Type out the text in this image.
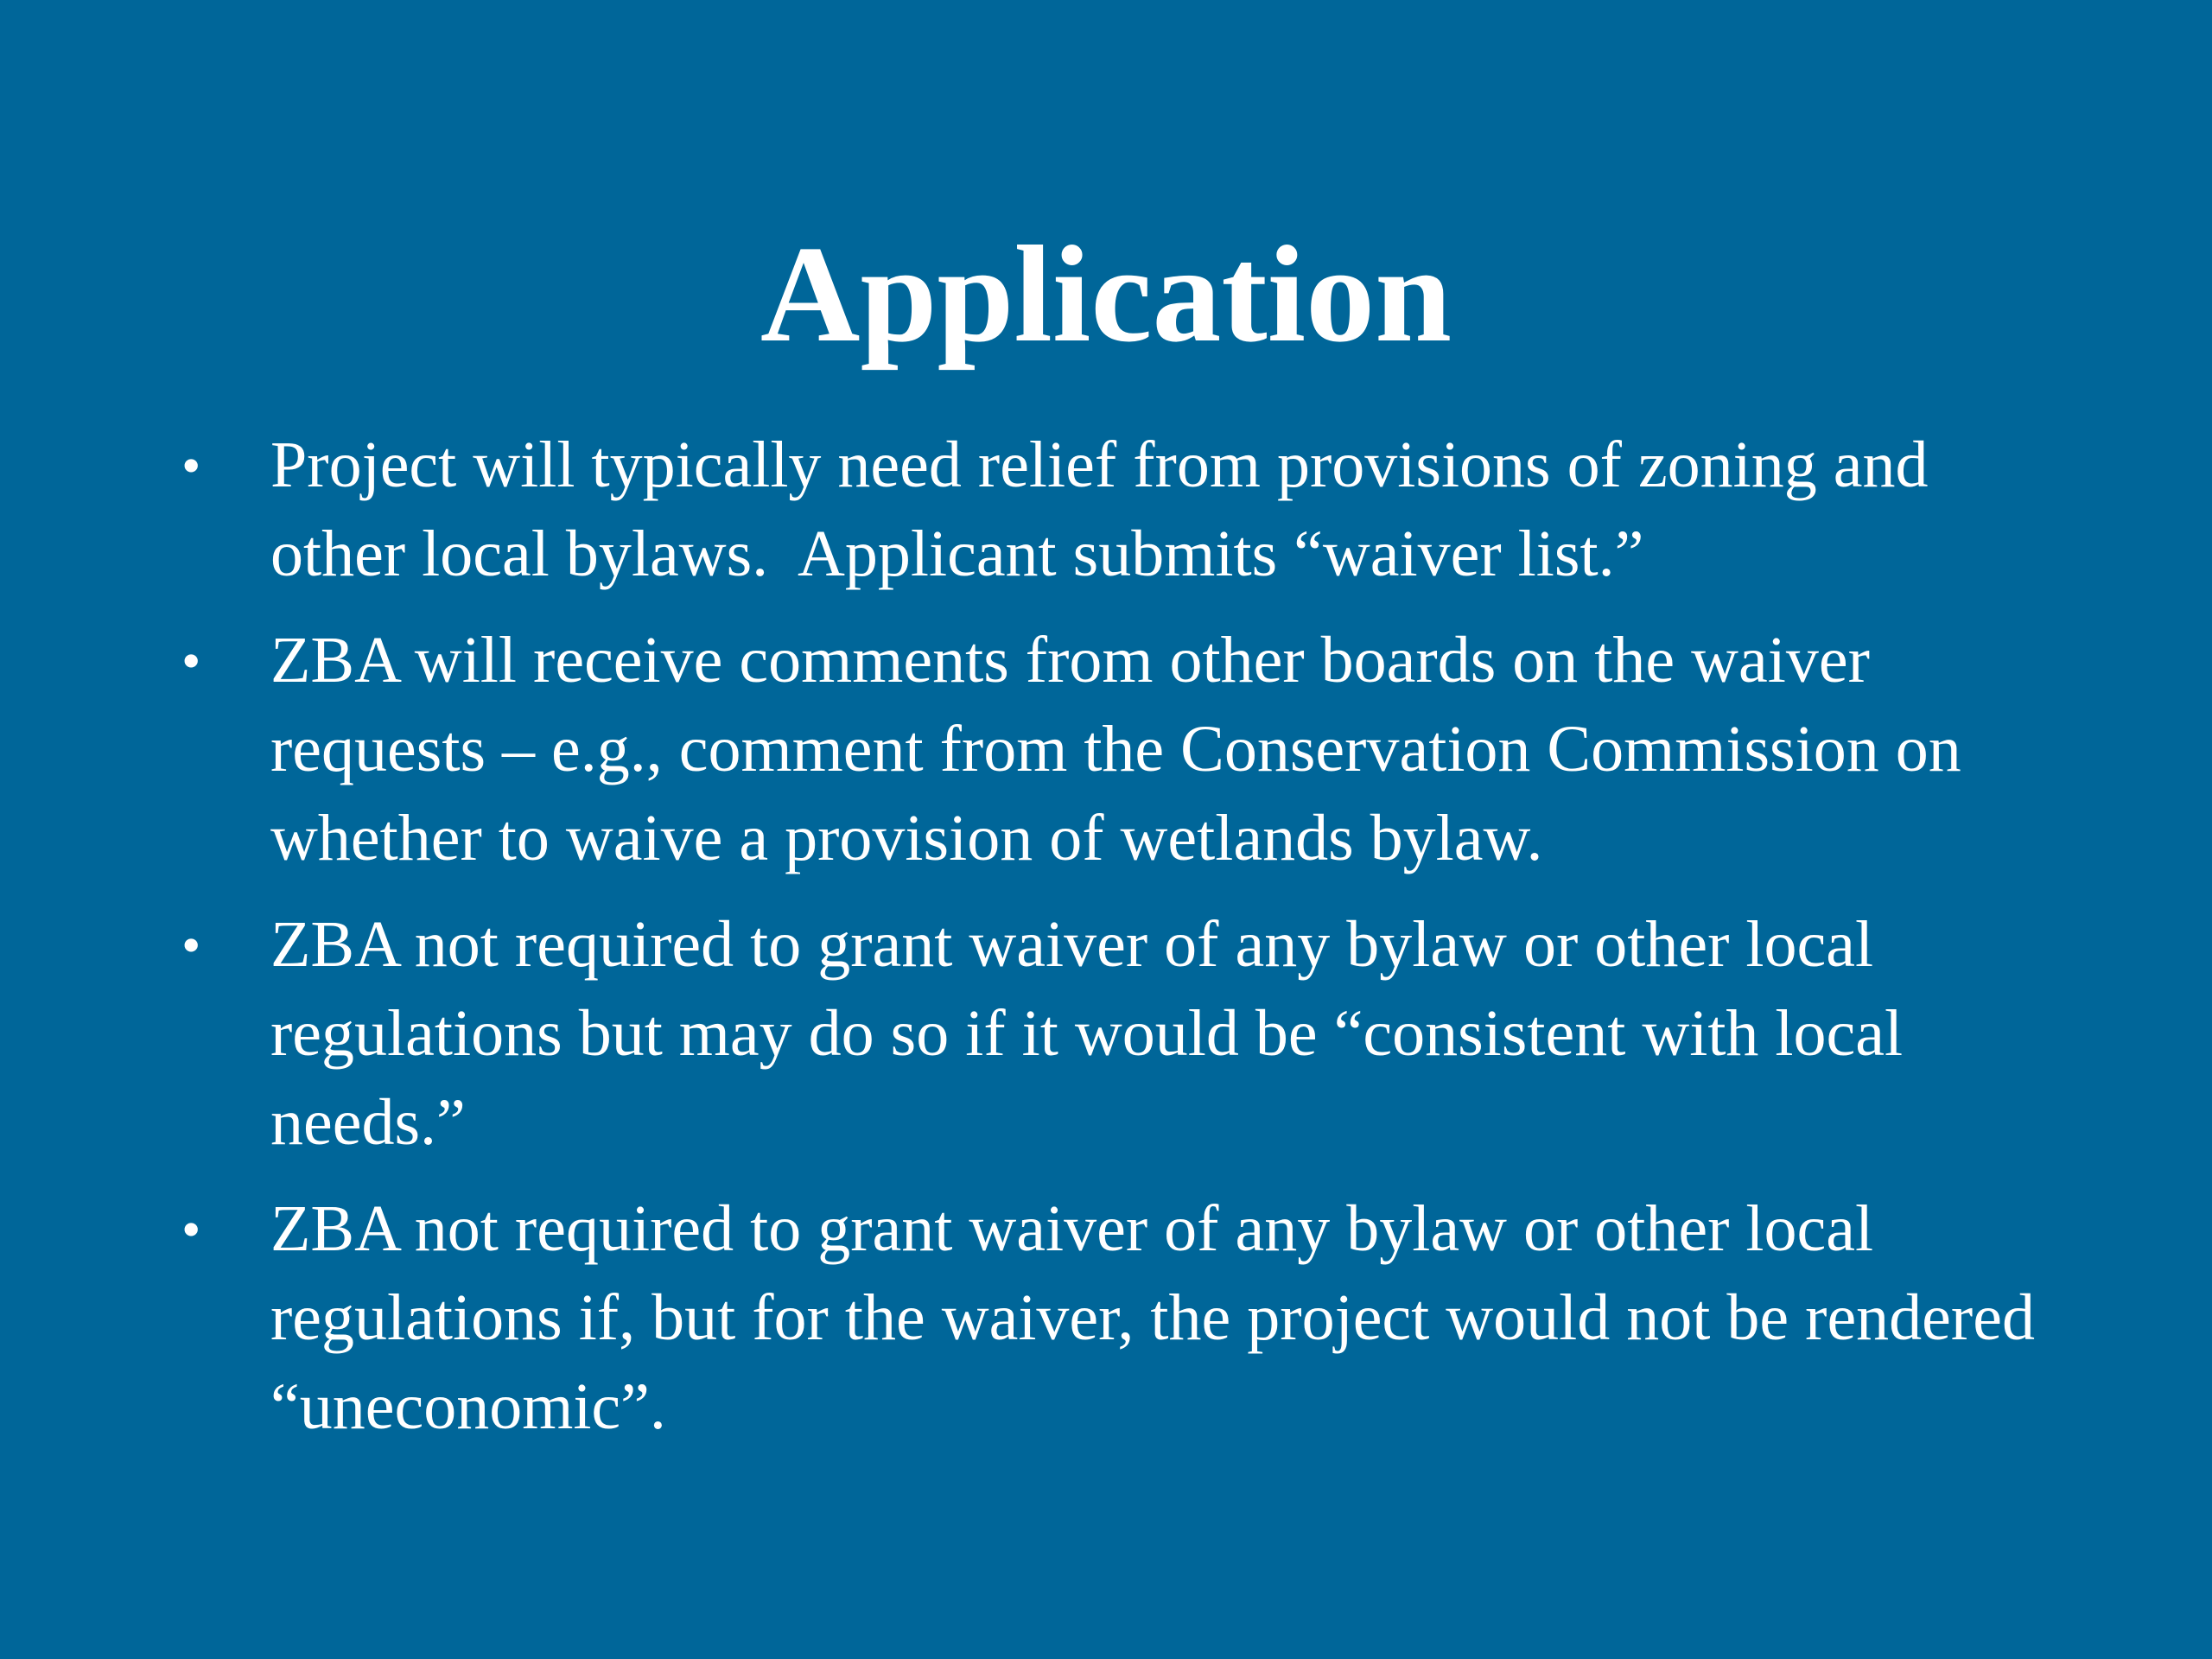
Application
•	Project will typically need relief from provisions of zoning and other local bylaws.  Applicant submits “waiver list.”
•	ZBA will receive comments from other boards on the waiver requests – e.g., comment from the Conservation Commission on whether to waive a provision of wetlands bylaw.
•	ZBA not required to grant waiver of any bylaw or other local regulations but may do so if it would be “consistent with local needs.”
•	ZBA not required to grant waiver of any bylaw or other local regulations if, but for the waiver, the project would not be rendered “uneconomic”.
